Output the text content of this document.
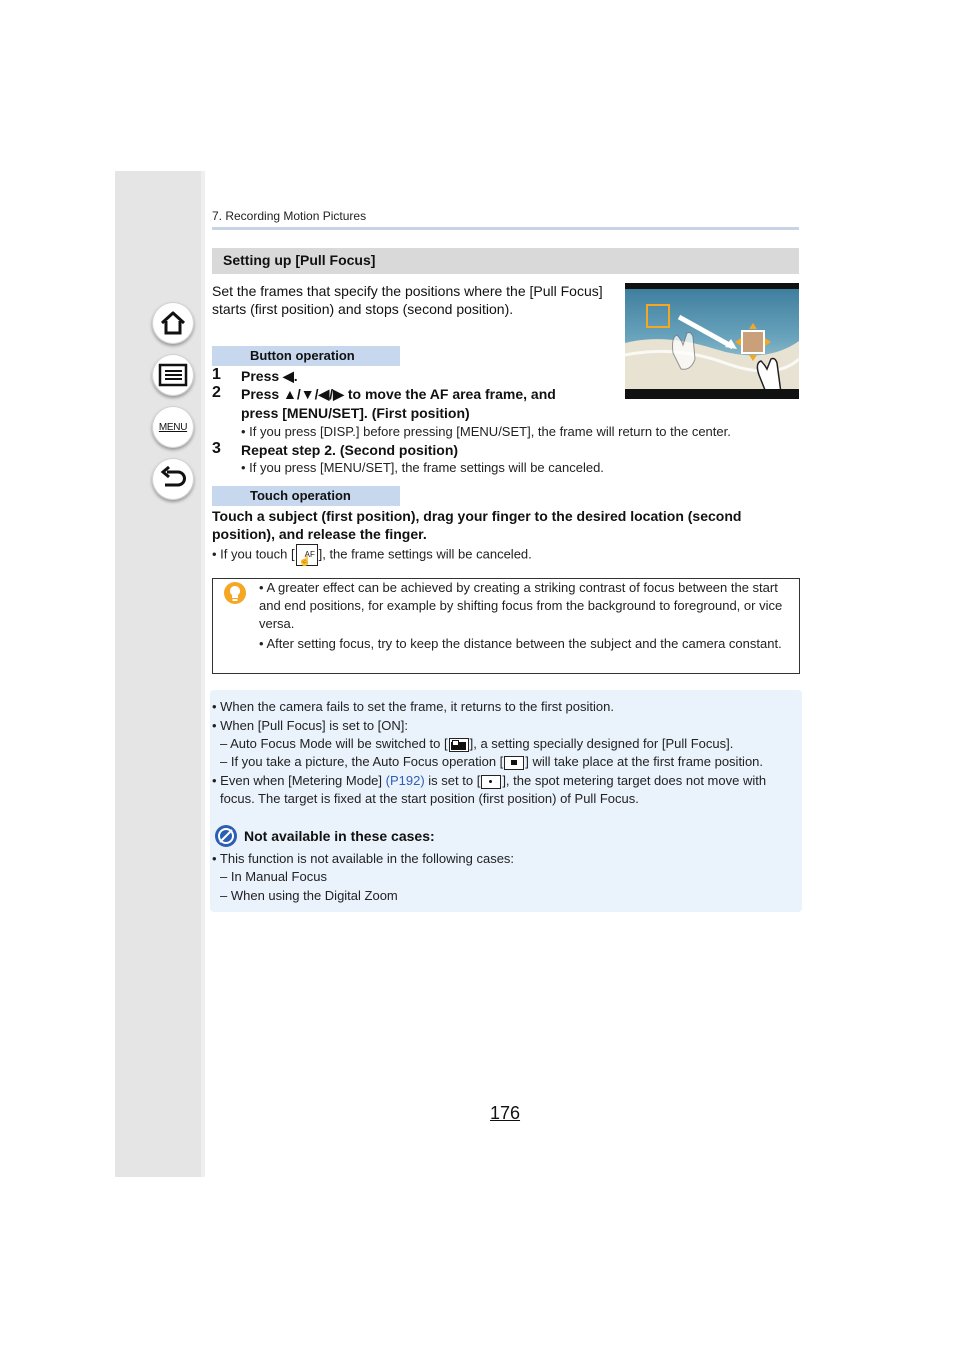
MENU
7. Recording Motion Pictures
Setting up [Pull Focus]
Set the frames that specify the positions where the [Pull Focus] starts (first position) and stops (second position).
Button operation
1 Press ◀.
2 Press ▲/▼/◀/▶ to move the AF area frame, and
press [MENU/SET]. (First position)
• If you press [DISP.] before pressing [MENU/SET], the frame will return to the center.
3 Repeat step 2. (Second position)
• If you press [MENU/SET], the frame settings will be canceled.
Touch operation
Touch a subject (first position), drag your finger to the desired location (second position), and release the finger.
• If you touch [ AF
☝
], the frame settings will be canceled.
• A greater effect can be achieved by creating a striking contrast of focus between the start and end positions, for example by shifting focus from the background to foreground, or vice versa.
• After setting focus, try to keep the distance between the subject and the camera constant.
• When the camera fails to set the frame, it returns to the first position.
• When [Pull Focus] is set to [ON]:
– Auto Focus Mode will be switched to [ ], a setting specially designed for [Pull Focus].
– If you take a picture, the Auto Focus operation [ ] will take place at the first frame position.
• Even when [Metering Mode] (P192) is set to [ ], the spot metering target does not move with
focus. The target is fixed at the start position (first position) of Pull Focus.
Not available in these cases:
• This function is not available in the following cases:
– In Manual Focus
– When using the Digital Zoom
176
